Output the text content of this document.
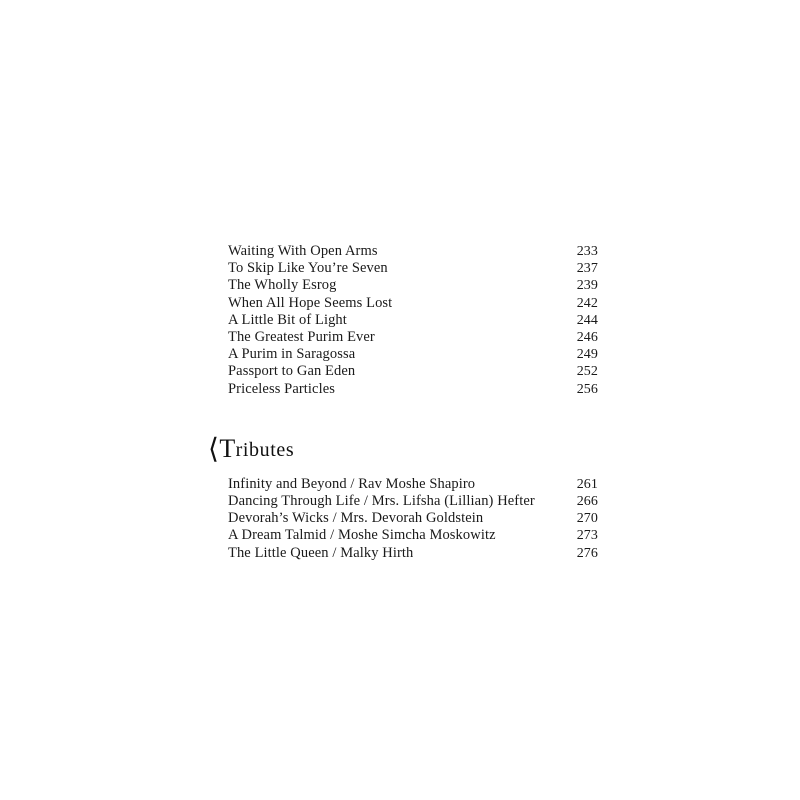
Waiting With Open Arms	233
To Skip Like You’re Seven	237
The Wholly Esrog	239
When All Hope Seems Lost	242
A Little Bit of Light	244
The Greatest Purim Ever	246
A Purim in Saragossa	249
Passport to Gan Eden	252
Priceless Particles	256
⟨ T ributes
Infinity and Beyond / Rav Moshe Shapiro	261
Dancing Through Life / Mrs. Lifsha (Lillian) Hefter	266
Devorah’s Wicks / Mrs. Devorah Goldstein	270
A Dream Talmid / Moshe Simcha Moskowitz	273
The Little Queen / Malky Hirth	276
